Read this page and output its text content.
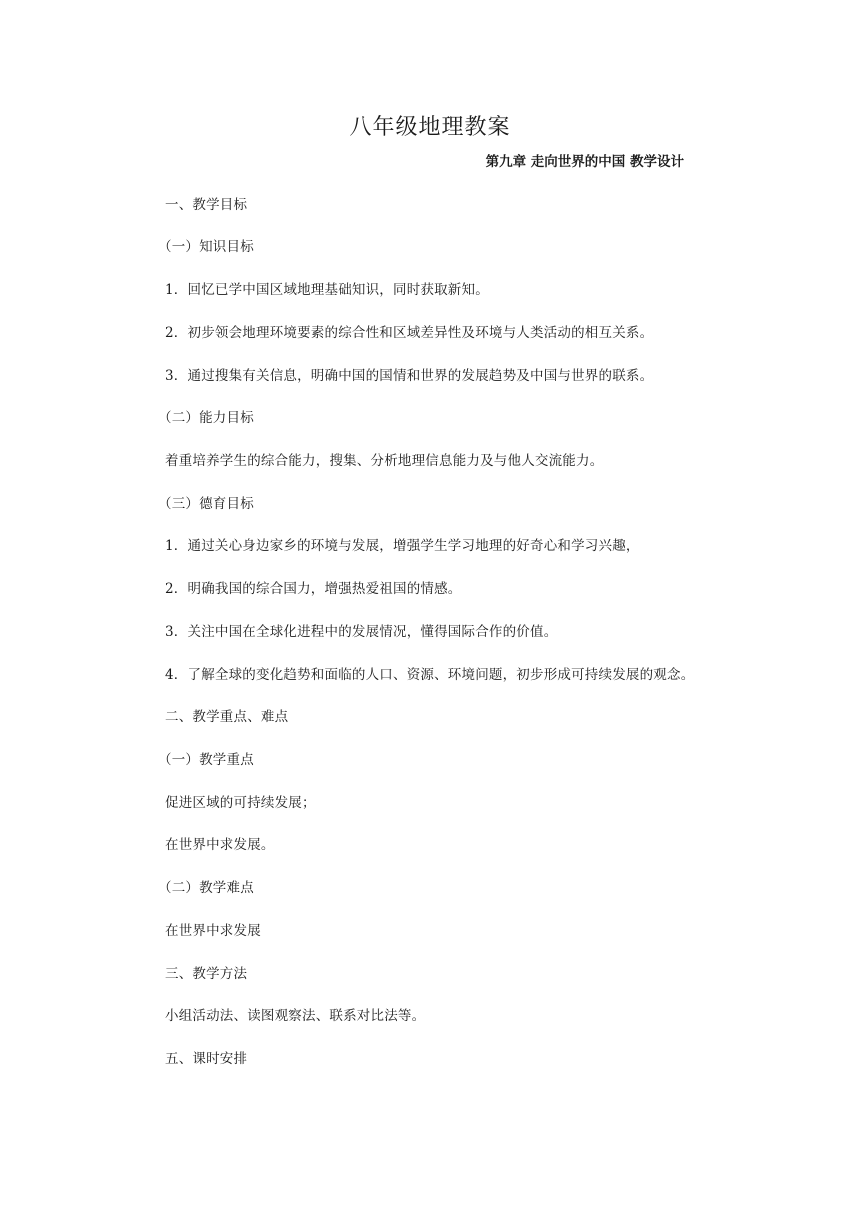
八年级地理教案
第九章 走向世界的中国 教学设计
一、教学目标
（一）知识目标
1．回忆已学中国区域地理基础知识，同时获取新知。
2．初步领会地理环境要素的综合性和区域差异性及环境与人类活动的相互关系。
3．通过搜集有关信息，明确中国的国情和世界的发展趋势及中国与世界的联系。
（二）能力目标
着重培养学生的综合能力，搜集、分析地理信息能力及与他人交流能力。
（三）德育目标
1．通过关心身边家乡的环境与发展，增强学生学习地理的好奇心和学习兴趣，
2．明确我国的综合国力，增强热爱祖国的情感。
3．关注中国在全球化进程中的发展情况，懂得国际合作的价值。
4．了解全球的变化趋势和面临的人口、资源、环境问题，初步形成可持续发展的观念。
二、教学重点、难点
（一）教学重点
促进区域的可持续发展；
在世界中求发展。
（二）教学难点
在世界中求发展
三、教学方法
小组活动法、读图观察法、联系对比法等。
五、课时安排
